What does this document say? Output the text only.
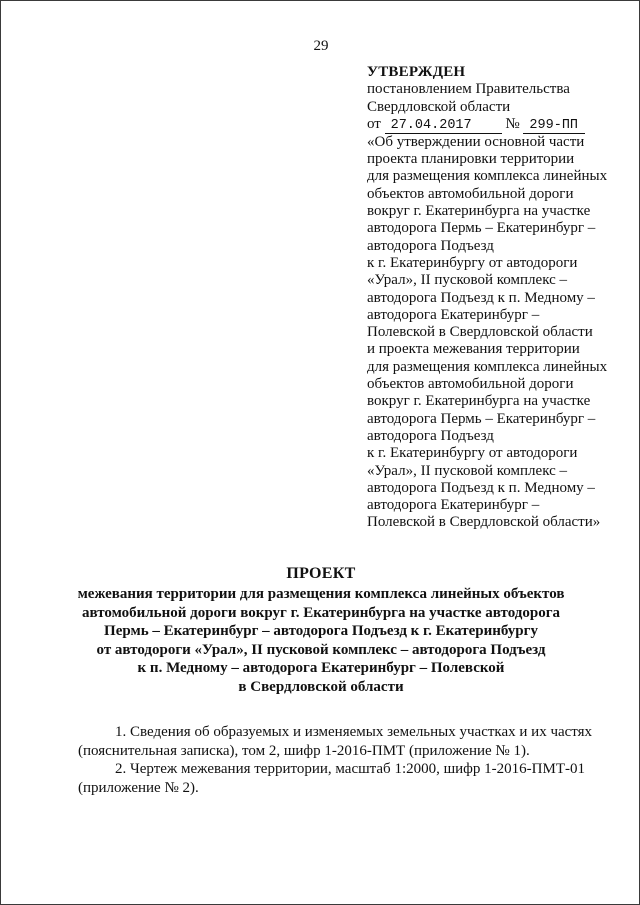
29
УТВЕРЖДЕН
постановлением Правительства
Свердловской области
от 27.04.2017 № 299-ПП
«Об утверждении основной части
проекта планировки территории
для размещения комплекса линейных
объектов автомобильной дороги
вокруг г. Екатеринбурга на участке
автодорога Пермь – Екатеринбург –
автодорога Подъезд
к г. Екатеринбургу от автодороги
«Урал», II пусковой комплекс –
автодорога Подъезд к п. Медному –
автодорога Екатеринбург –
Полевской в Свердловской области
и проекта межевания территории
для размещения комплекса линейных
объектов автомобильной дороги
вокруг г. Екатеринбурга на участке
автодорога Пермь – Екатеринбург –
автодорога Подъезд
к г. Екатеринбургу от автодороги
«Урал», II пусковой комплекс –
автодорога Подъезд к п. Медному –
автодорога Екатеринбург –
Полевской в Свердловской области»
ПРОЕКТ
межевания территории для размещения комплекса линейных объектов
автомобильной дороги вокруг г. Екатеринбурга на участке автодорога
Пермь – Екатеринбург – автодорога Подъезд к г. Екатеринбургу
от автодороги «Урал», II пусковой комплекс – автодорога Подъезд
к п. Медному – автодорога Екатеринбург – Полевской
в Свердловской области

1. Сведения об образуемых и изменяемых земельных участках и их частях
(пояснительная записка), том 2, шифр 1-2016-ПМТ (приложение № 1).

2. Чертеж межевания территории, масштаб 1:2000, шифр 1-2016-ПМТ-01
(приложение № 2).
